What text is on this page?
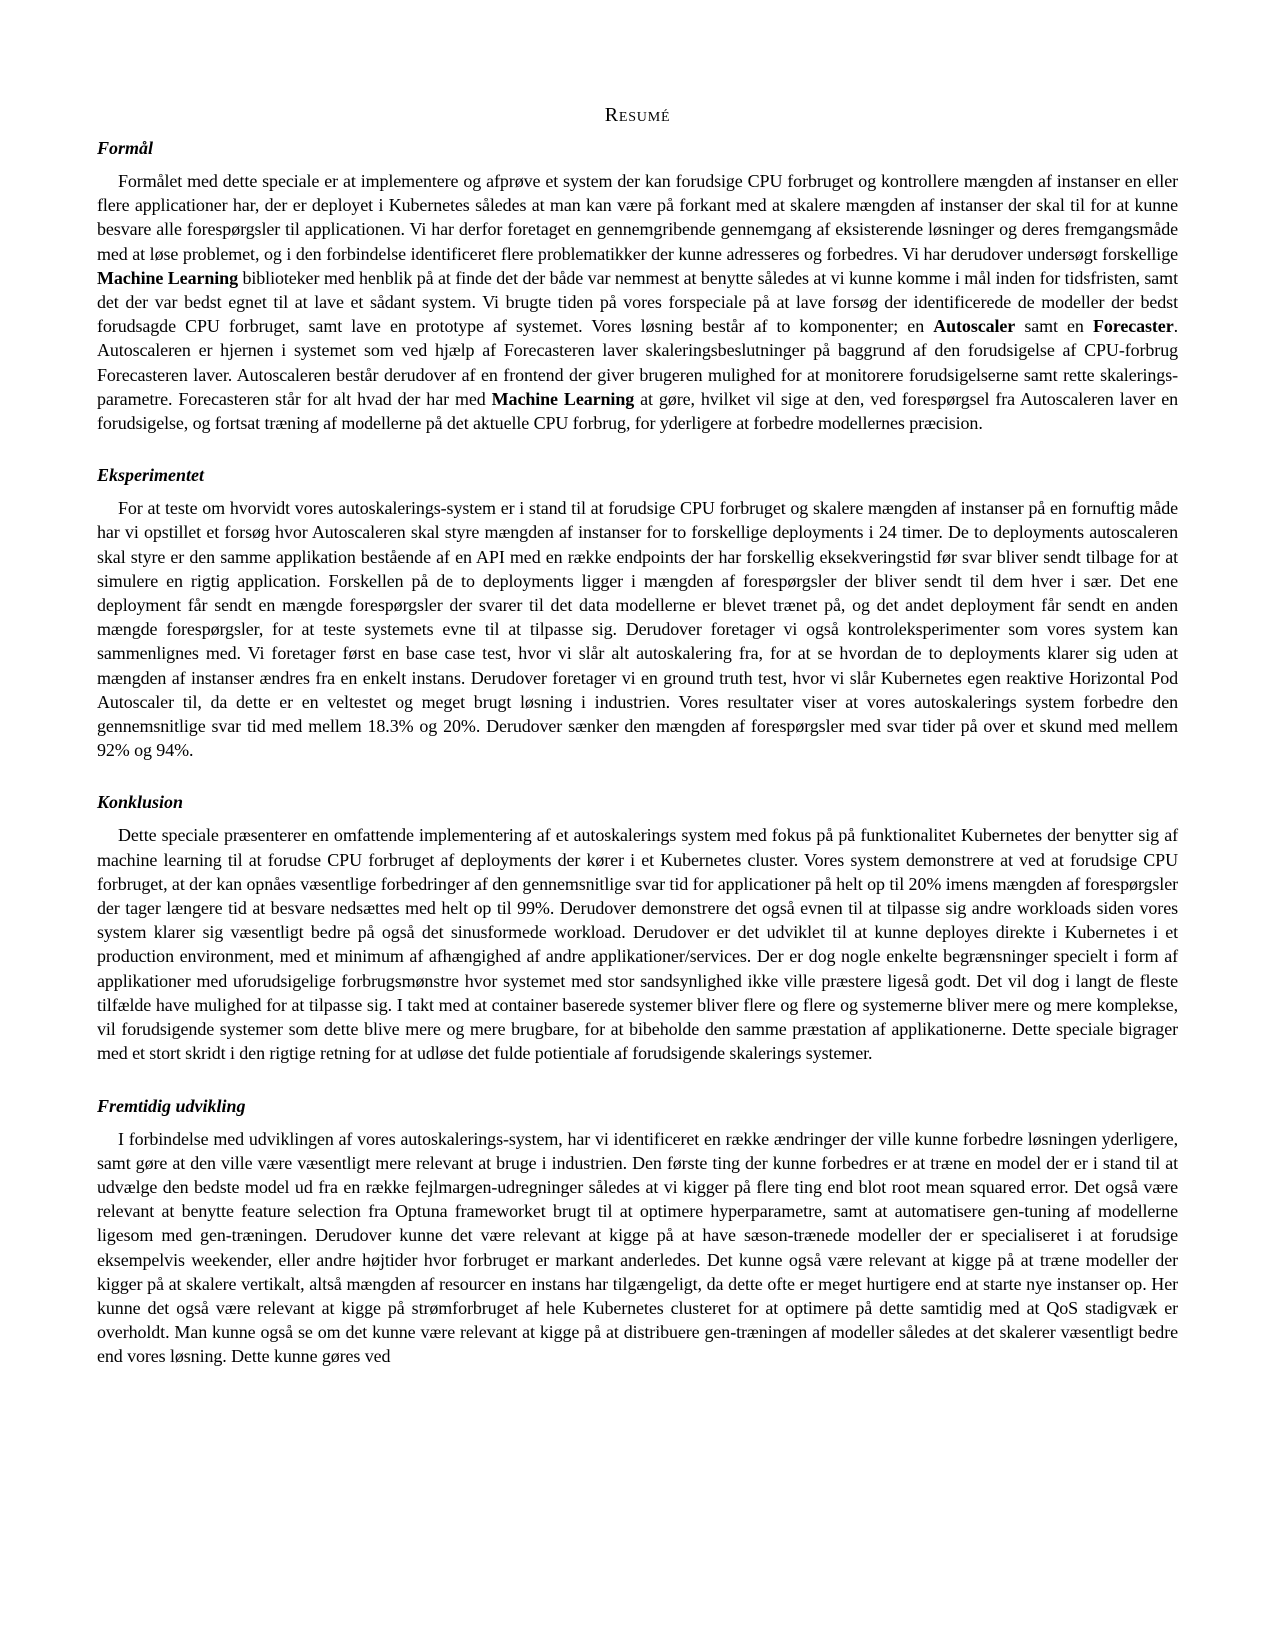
Resumé
Formål

Formålet med dette speciale er at implementere og afprøve et system der kan forudsige CPU forbruget og kontrollere mængden af instanser en eller flere applicationer har, der er deployet i Kubernetes således at man kan være på forkant med at skalere mængden af instanser der skal til for at kunne besvare alle forespørgsler til applicationen. Vi har derfor foretaget en gennemgribende gennemgang af eksisterende løsninger og deres fremgangsmåde med at løse problemet, og i den forbindelse identificeret flere problematikker der kunne adresseres og forbedres. Vi har derudover undersøgt forskellige Machine Learning biblioteker med henblik på at finde det der både var nemmest at benytte således at vi kunne komme i mål inden for tidsfristen, samt det der var bedst egnet til at lave et sådant system. Vi brugte tiden på vores forspeciale på at lave forsøg der identificerede de modeller der bedst forudsagde CPU forbruget, samt lave en prototype af systemet. Vores løsning består af to komponenter; en Autoscaler samt en Forecaster. Autoscaleren er hjernen i systemet som ved hjælp af Forecasteren laver skaleringsbeslutninger på baggrund af den forudsigelse af CPU-forbrug Forecasteren laver. Autoscaleren består derudover af en frontend der giver brugeren mulighed for at monitorere forudsigelserne samt rette skalerings-parametre. Forecasteren står for alt hvad der har med Machine Learning at gøre, hvilket vil sige at den, ved forespørgsel fra Autoscaleren laver en forudsigelse, og fortsat træning af modellerne på det aktuelle CPU forbrug, for yderligere at forbedre modellernes præcision.

Eksperimentet

For at teste om hvorvidt vores autoskalerings-system er i stand til at forudsige CPU forbruget og skalere mængden af instanser på en fornuftig måde har vi opstillet et forsøg hvor Autoscaleren skal styre mængden af instanser for to forskellige deployments i 24 timer. De to deployments autoscaleren skal styre er den samme applikation bestående af en API med en række endpoints der har forskellig eksekveringstid før svar bliver sendt tilbage for at simulere en rigtig application. Forskellen på de to deployments ligger i mængden af forespørgsler der bliver sendt til dem hver i sær. Det ene deployment får sendt en mængde forespørgsler der svarer til det data modellerne er blevet trænet på, og det andet deployment får sendt en anden mængde forespørgsler, for at teste systemets evne til at tilpasse sig. Derudover foretager vi også kontroleksperimenter som vores system kan sammenlignes med. Vi foretager først en base case test, hvor vi slår alt autoskalering fra, for at se hvordan de to deployments klarer sig uden at mængden af instanser ændres fra en enkelt instans. Derudover foretager vi en ground truth test, hvor vi slår Kubernetes egen reaktive Horizontal Pod Autoscaler til, da dette er en veltestet og meget brugt løsning i industrien. Vores resultater viser at vores autoskalerings system forbedre den gennemsnitlige svar tid med mellem 18.3% og 20%. Derudover sænker den mængden af forespørgsler med svar tider på over et skund med mellem 92% og 94%.

Konklusion

Dette speciale præsenterer en omfattende implementering af et autoskalerings system med fokus på på funktionalitet Kubernetes der benytter sig af machine learning til at forudse CPU forbruget af deployments der kører i et Kubernetes cluster. Vores system demonstrere at ved at forudsige CPU forbruget, at der kan opnåes væsentlige forbedringer af den gennemsnitlige svar tid for applicationer på helt op til 20% imens mængden af forespørgsler der tager længere tid at besvare nedsættes med helt op til 99%. Derudover demonstrere det også evnen til at tilpasse sig andre workloads siden vores system klarer sig væsentligt bedre på også det sinusformede workload. Derudover er det udviklet til at kunne deployes direkte i Kubernetes i et production environment, med et minimum af afhængighed af andre applikationer/services. Der er dog nogle enkelte begrænsninger specielt i form af applikationer med uforudsigelige forbrugsmønstre hvor systemet med stor sandsynlighed ikke ville præstere ligeså godt. Det vil dog i langt de fleste tilfælde have mulighed for at tilpasse sig. I takt med at container baserede systemer bliver flere og flere og systemerne bliver mere og mere komplekse, vil forudsigende systemer som dette blive mere og mere brugbare, for at bibeholde den samme præstation af applikationerne. Dette speciale bigrager med et stort skridt i den rigtige retning for at udløse det fulde potientiale af forudsigende skalerings systemer.

Fremtidig udvikling

I forbindelse med udviklingen af vores autoskalerings-system, har vi identificeret en række ændringer der ville kunne forbedre løsningen yderligere, samt gøre at den ville være væsentligt mere relevant at bruge i industrien. Den første ting der kunne forbedres er at træne en model der er i stand til at udvælge den bedste model ud fra en række fejlmargen-udregninger således at vi kigger på flere ting end blot root mean squared error. Det også være relevant at benytte feature selection fra Optuna frameworket brugt til at optimere hyperparametre, samt at automatisere gen-tuning af modellerne ligesom med gen-træningen. Derudover kunne det være relevant at kigge på at have sæson-trænede modeller der er specialiseret i at forudsige eksempelvis weekender, eller andre højtider hvor forbruget er markant anderledes. Det kunne også være relevant at kigge på at træne modeller der kigger på at skalere vertikalt, altså mængden af resourcer en instans har tilgængeligt, da dette ofte er meget hurtigere end at starte nye instanser op. Her kunne det også være relevant at kigge på strømforbruget af hele Kubernetes clusteret for at optimere på dette samtidig med at QoS stadigvæk er overholdt. Man kunne også se om det kunne være relevant at kigge på at distribuere gen-træningen af modeller således at det skalerer væsentligt bedre end vores løsning. Dette kunne gøres ved
